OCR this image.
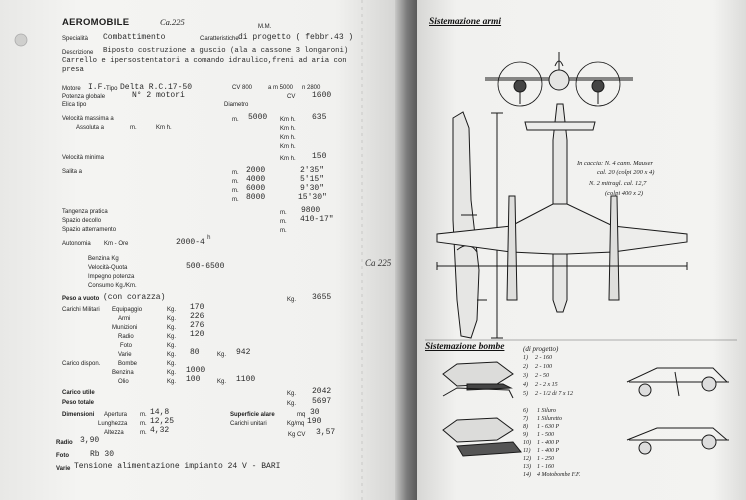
AEROMOBILE	Ca.225	M.M.
Specialità Combattimento	Caratteristiche di progetto ( febbr.43 )
Descrizione Biposto costruzione a guscio (ala a cassone 3 longaroni)
Carrello e ipersostentatori a comando idraulico,freni ad aria con
presa
Motore I.F.
Tipo Delta R.C.17-50	CV 800	a m 5000 n 2800
Potenza globale	N° 2 motori	CV 1600
Elica tipo	Diametro
Velocità massima a	m. 5000 Km h. 635
Assoluta a	m.	Km h.	Km h.
Km h.
Km h.
Velocità minima	Km h. 150
Salita a	m. 2000	2'35"
m. 4000	5'15"
m. 6000	9'30"
m. 8000	15'30"
Tangenza pratica	m. 9800
Spazio decollo	m. 410-17"
Spazio atterramento	m.
Autonomia Km - Ore	2000-4
h
Benzina Kg
Velocità-Quota	500-6500
Impegno potenza
Consumo Kg./Km.
Peso a vuoto (con corazza)	Kg. 3655
Carichi Militari Equipaggio	Kg. 170
Armi	Kg. 226
Munizioni	Kg. 276
Radio	Kg. 120
Foto	Kg.
Varie	Kg. 80	Kg. 942
Carico dispon.	Bombe	Kg.
Benzina	Kg. 1000
Olio	Kg. 100	Kg. 1100
Carico utile	Kg. 2042
Peso totale	Kg. 5697
Dimensioni Apertura m. 14,8
Lunghezza m. 12,25
Altezza	m. 4,32
Superficie alare	mq 30
Carichi unitari	Kg/mq 190
Kg CV 3,57
Radio 3,90
Foto	Rb 30
Varie Tensione alimentazione impianto 24 V - BARI
Ca 225
Sistemazione armi
In caccia: N. 4 cann. Mauser
cal. 20 (colpi 200 x 4)
N. 2 mitragl. cal. 12,7
(colpi 400 x 2)
Sistemazione bombe	(di progetto)
1) 2 - 160
2) 2 - 100
3) 2 - 50
4) 2 - 2 x 15
5) 2 - 1/2 di 7 x 12
6) 1 Siluro
7) 1 Siluretto
8) 1 - 630 P
9) 1 - 500
10) 1 - 400 P
11) 1 - 400 P
12) 1 - 250
13) 1 - 160
14) 4 Motobombe F.F.
